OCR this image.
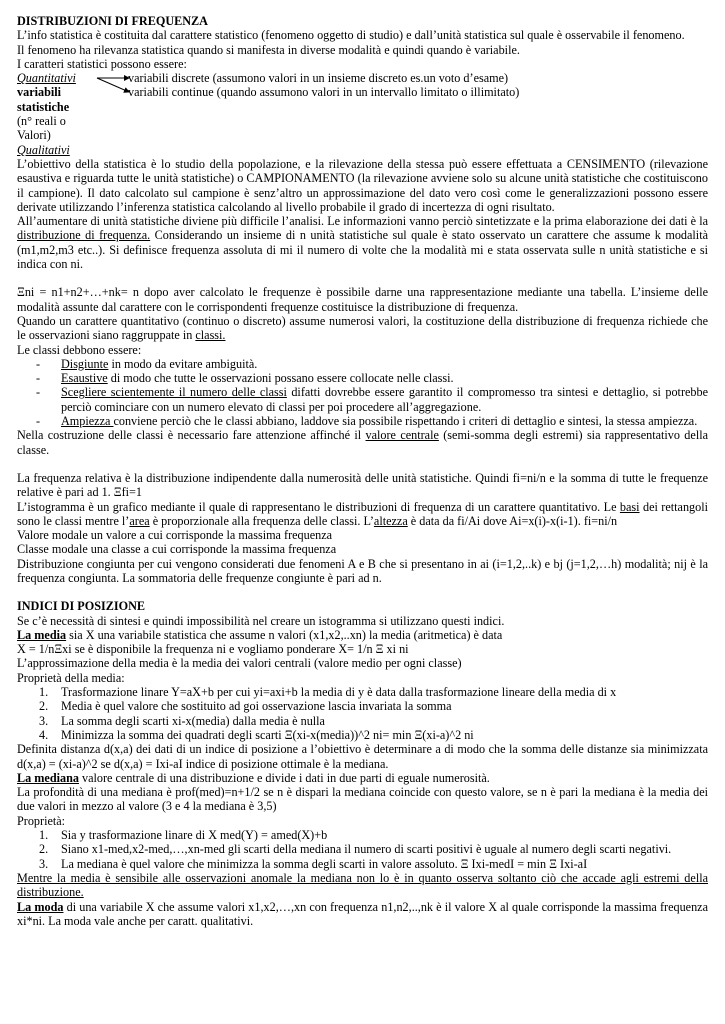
DISTRIBUZIONI DI FREQUENZA

L’info statistica è costituita dal carattere statistico (fenomeno oggetto di studio) e dall’unità statistica sul quale è osservabile il fenomeno.

Il fenomeno ha rilevanza statistica quando si manifesta in diverse modalità e quindi quando è variabile.

I caratteri statistici possono essere:

Quantitativi	variabili discrete (assumono valori in un insieme discreto es.un voto d’esame)
variabili	variabili continue (quando assumono valori in un intervallo limitato o illimitato)
statistiche
(n° reali o
Valori)

Qualitativi

L’obiettivo della statistica è lo studio della popolazione, e la rilevazione della stessa può essere effettuata a CENSIMENTO (rilevazione esaustiva e riguarda tutte le unità statistiche) o CAMPIONAMENTO (la rilevazione avviene solo su alcune unità statistiche che costituiscono il campione). Il dato calcolato sul campione è senz’altro un approssimazione del dato vero così come le generalizzazioni possono essere derivate utilizzando l’inferenza statistica calcolando al livello probabile il grado di incertezza di ogni risultato.

All’aumentare di unità statistiche diviene più difficile l’analisi. Le informazioni vanno perciò sintetizzate e la prima elaborazione dei dati è la distribuzione di frequenza. Considerando un insieme di n unità statistiche sul quale è stato osservato un carattere che assume k modalità (m1,m2,m3 etc..). Si definisce frequenza assoluta di mi il numero di volte che la modalità mi e stata osservata sulle n unità statistiche e si indica con ni.

Ξni = n1+n2+…+nk= n dopo aver calcolato le frequenze è possibile darne una rappresentazione mediante una tabella. L’insieme delle modalità assunte dal carattere con le corrispondenti frequenze costituisce la distribuzione di frequenza.

Quando un carattere quantitativo (continuo o discreto) assume numerosi valori, la costituzione della distribuzione di frequenza richiede che le osservazioni siano raggruppate in classi.

Le classi debbono essere:

- Disgiunte in modo da evitare ambiguità.
- Esaustive di modo che tutte le osservazioni possano essere collocate nelle classi.
- Scegliere scientemente il numero delle classi difatti dovrebbe essere garantito il compromesso tra sintesi e dettaglio, si potrebbe perciò cominciare con un numero elevato di classi per poi procedere all’aggregazione.
- Ampiezza conviene perciò che le classi abbiano, laddove sia possibile rispettando i criteri di dettaglio e sintesi, la stessa ampiezza.

Nella costruzione delle classi è necessario fare attenzione affinché il valore centrale (semi-somma degli estremi) sia rappresentativo della classe.

La frequenza relativa è la distribuzione indipendente dalla numerosità delle unità statistiche. Quindi fi=ni/n e la somma di tutte le frequenze relative è pari ad 1. Ξfi=1

L’istogramma è un grafico mediante il quale di rappresentano le distribuzioni di frequenza di un carattere quantitativo. Le basi dei rettangoli sono le classi mentre l’area è proporzionale alla frequenza delle classi. L’altezza è data da fi/Ai dove Ai=x(i)-x(i-1). fi=ni/n

Valore modale un valore a cui corrisponde la massima frequenza

Classe modale una classe a cui corrisponde la massima frequenza

Distribuzione congiunta per cui vengono considerati due fenomeni A e B che si presentano in ai (i=1,2,..k) e bj (j=1,2,…h) modalità; nij è la frequenza congiunta. La sommatoria delle frequenze congiunte è pari ad n.

INDICI DI POSIZIONE

Se c’è necessità di sintesi e quindi impossibilità nel creare un istogramma si utilizzano questi indici.

La media sia X una variabile statistica che assume n valori (x1,x2,..xn) la media (aritmetica) è data

X = 1/nΞxi se è disponibile la frequenza ni e vogliamo ponderare X= 1/n Ξ xi ni

L’approssimazione della media è la media dei valori centrali (valore medio per ogni classe)

Proprietà della media:

1. Trasformazione linare Y=aX+b per cui yi=axi+b la media di y è data dalla trasformazione lineare della media di x
2. Media è quel valore che sostituito ad goi osservazione lascia invariata la somma
3. La somma degli scarti xi-x(media) dalla media è nulla
4. Minimizza la somma dei quadrati degli scarti Ξ(xi-x(media))^2 ni= min Ξ(xi-a)^2 ni

Definita distanza d(x,a) dei dati di un indice di posizione a l’obiettivo è determinare a di modo che la somma delle distanze sia minimizzata d(x,a) = (xi-a)^2 se d(x,a) = Ixi-aI indice di posizione ottimale è la mediana.

La mediana valore centrale di una distribuzione e divide i dati in due parti di eguale numerosità.

La profondità di una mediana è prof(med)=n+1/2 se n è dispari la mediana coincide con questo valore, se n è pari la mediana è la media dei due valori in mezzo al valore (3 e 4 la mediana è 3,5)

Proprietà:

1. Sia y trasformazione linare di X med(Y) = amed(X)+b
2. Siano x1-med,x2-med,…,xn-med gli scarti della mediana il numero di scarti positivi è uguale al numero degli scarti negativi.
3. La mediana è quel valore che minimizza la somma degli scarti in valore assoluto. Ξ Ixi-medI = min Ξ Ixi-aI

Mentre la media è sensibile alle osservazioni anomale la mediana non lo è in quanto osserva soltanto ciò che accade agli estremi della distribuzione.

La moda di una variabile X che assume valori x1,x2,…,xn con frequenza n1,n2,..,nk è il valore X al quale corrisponde la massima frequenza xi*ni. La moda vale anche per caratt. qualitativi.
